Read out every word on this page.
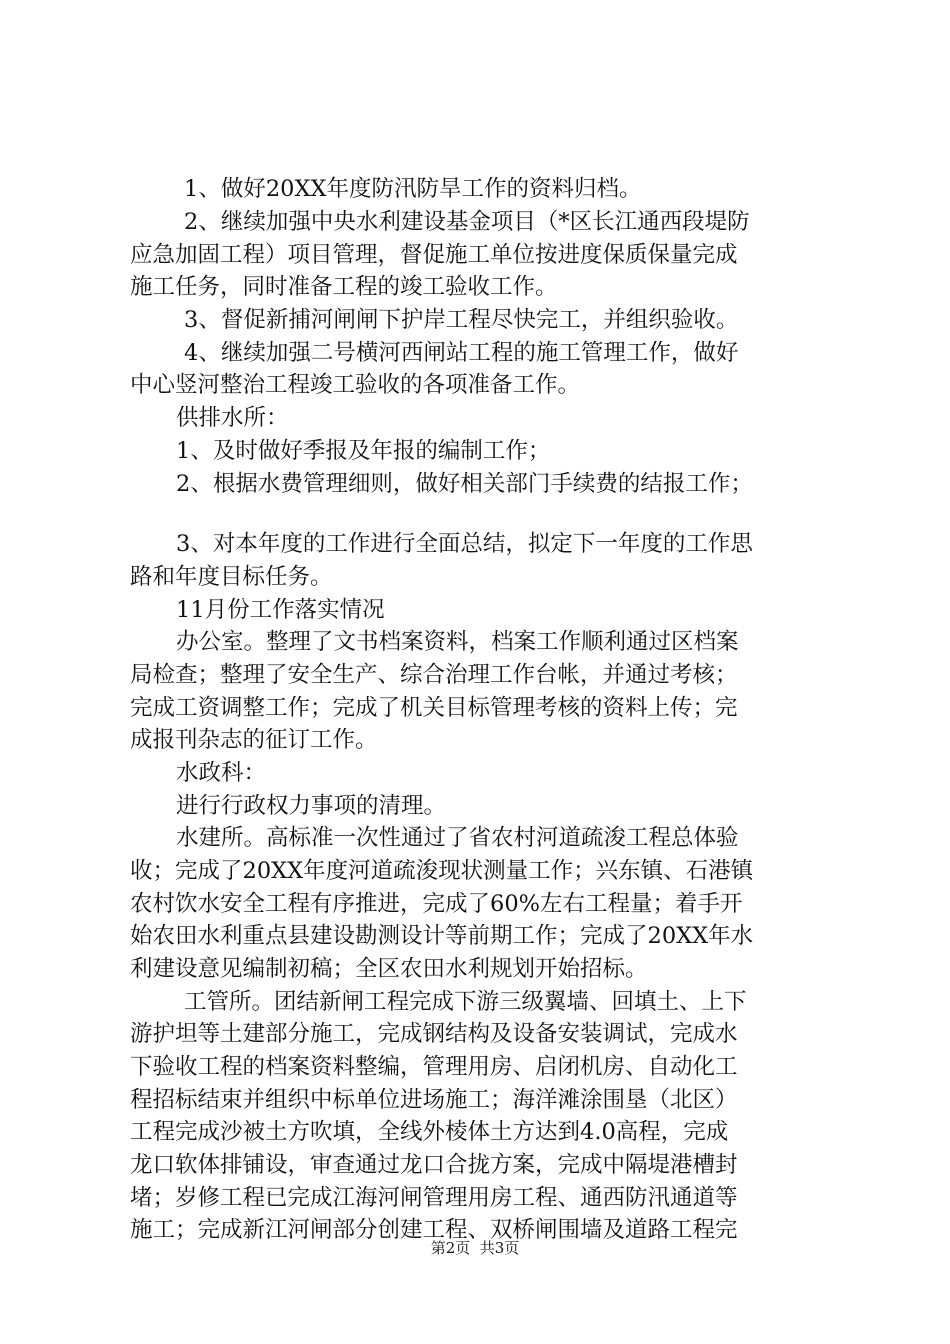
1、做好20XX年度防汛防旱工作的资料归档。
2、继续加强中央水利建设基金项目（*区长江通西段堤防
应急加固工程）项目管理，督促施工单位按进度保质保量完成
施工任务，同时准备工程的竣工验收工作。
3、督促新捕河闸闸下护岸工程尽快完工，并组织验收。
4、继续加强二号横河西闸站工程的施工管理工作，做好
中心竖河整治工程竣工验收的各项准备工作。
供排水所：
1、及时做好季报及年报的编制工作；
2、根据水费管理细则，做好相关部门手续费的结报工作；
3、对本年度的工作进行全面总结，拟定下一年度的工作思
路和年度目标任务。
11月份工作落实情况
办公室。整理了文书档案资料，档案工作顺利通过区档案
局检查；整理了安全生产、综合治理工作台帐，并通过考核；
完成工资调整工作；完成了机关目标管理考核的资料上传；完
成报刊杂志的征订工作。
水政科：
进行行政权力事项的清理。
水建所。高标准一次性通过了省农村河道疏浚工程总体验
收；完成了20XX年度河道疏浚现状测量工作；兴东镇、石港镇
农村饮水安全工程有序推进，完成了60%左右工程量；着手开
始农田水利重点县建设勘测设计等前期工作；完成了20XX年水
利建设意见编制初稿；全区农田水利规划开始招标。
工管所。团结新闸工程完成下游三级翼墙、回填土、上下
游护坦等土建部分施工，完成钢结构及设备安装调试，完成水
下验收工程的档案资料整编，管理用房、启闭机房、自动化工
程招标结束并组织中标单位进场施工；海洋滩涂围垦（北区）
工程完成沙被土方吹填，全线外棱体土方达到4.0高程，完成
龙口软体排铺设，审查通过龙口合拢方案，完成中隔堤港槽封
堵；岁修工程已完成江海河闸管理用房工程、通西防汛通道等
施工；完成新江河闸部分创建工程、双桥闸围墙及道路工程完
第2页  共3页
